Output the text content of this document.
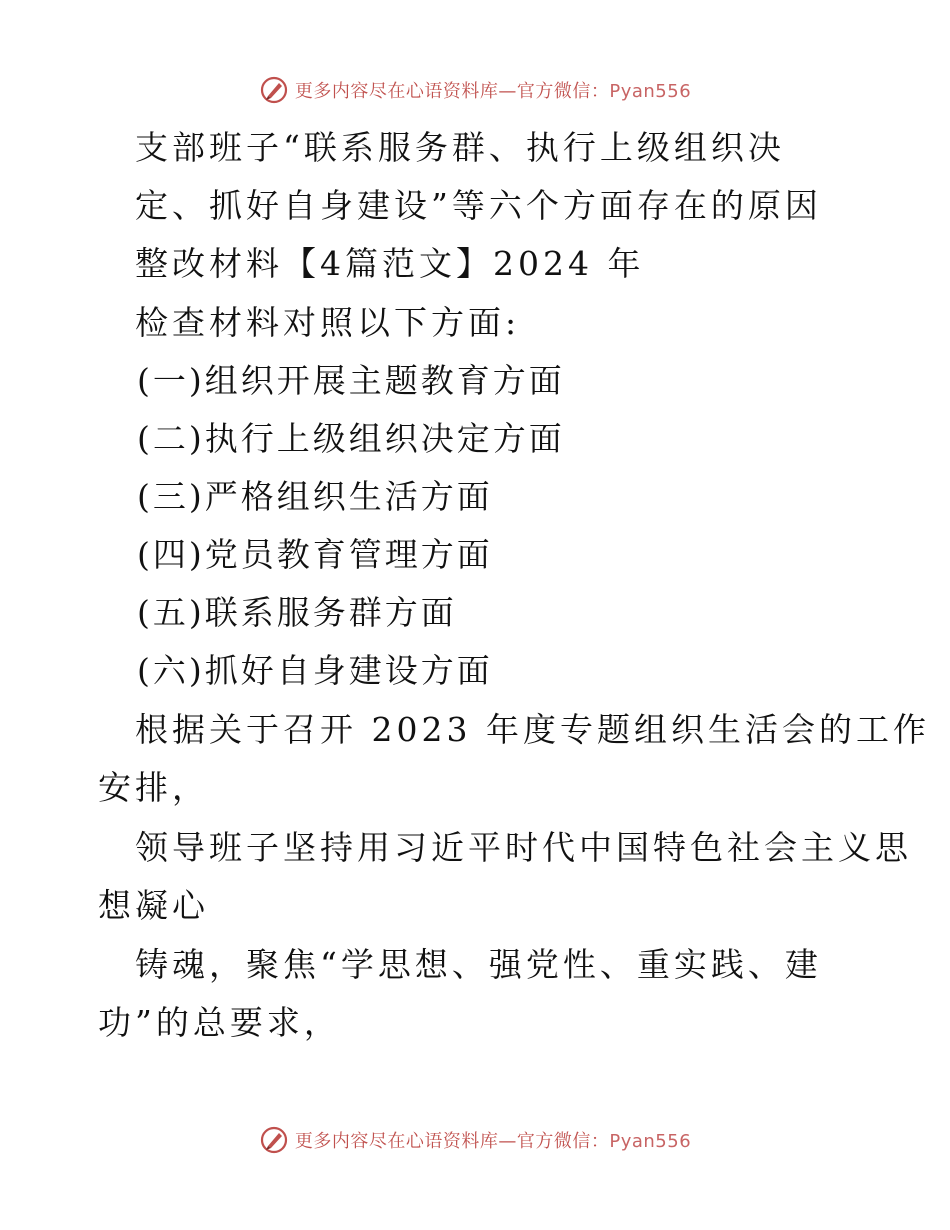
更多内容尽在心语资料库—官方微信：Pyan556
支部班子“联系服务群、执行上级组织决
定、抓好自身建设”等六个方面存在的原因
整改材料【4篇范文】2024 年
检查材料对照以下方面:
(一)组织开展主题教育方面
(二)执行上级组织决定方面
(三)严格组织生活方面
(四)党员教育管理方面
(五)联系服务群方面
(六)抓好自身建设方面
根据关于召开 2023 年度专题组织生活会的工作
安排，
领导班子坚持用习近平时代中国特色社会主义思
想凝心
铸魂，聚焦“学思想、强党性、重实践、建
功”的总要求，
更多内容尽在心语资料库—官方微信：Pyan556
